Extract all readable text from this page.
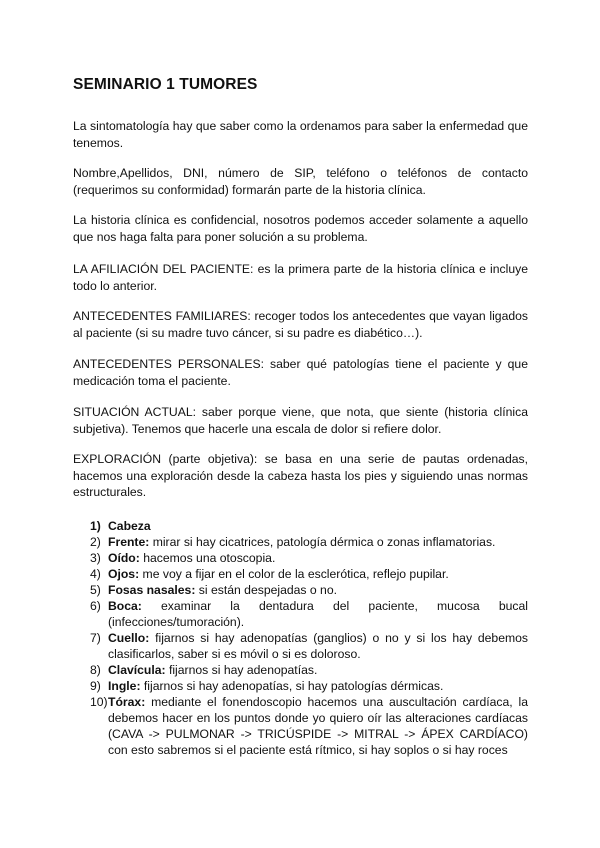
SEMINARIO 1 TUMORES

La sintomatología hay que saber como la ordenamos para saber la enfermedad que tenemos.

Nombre,Apellidos, DNI, número de SIP, teléfono o teléfonos de contacto (requerimos su conformidad) formarán parte de la historia clínica.

La historia clínica es confidencial, nosotros podemos acceder solamente a aquello que nos haga falta para poner solución a su problema.

LA AFILIACIÓN DEL PACIENTE: es la primera parte de la historia clínica e incluye todo lo anterior.

ANTECEDENTES FAMILIARES: recoger todos los antecedentes que vayan ligados al paciente (si su madre tuvo cáncer, si su padre es diabético…).

ANTECEDENTES PERSONALES: saber qué patologías tiene el paciente y que medicación toma el paciente.

SITUACIÓN ACTUAL: saber porque viene, que nota, que siente (historia clínica subjetiva). Tenemos que hacerle una escala de dolor si refiere dolor.

EXPLORACIÓN (parte objetiva): se basa en una serie de pautas ordenadas, hacemos una exploración desde la cabeza hasta los pies y siguiendo unas normas estructurales.

1) Cabeza
2) Frente: mirar si hay cicatrices, patología dérmica o zonas inflamatorias.
3) Oído: hacemos una otoscopia.
4) Ojos: me voy a fijar en el color de la esclerótica, reflejo pupilar.
5) Fosas nasales: si están despejadas o no.
6) Boca: examinar la dentadura del paciente, mucosa bucal (infecciones/tumoración).
7) Cuello: fijarnos si hay adenopatías (ganglios) o no y si los hay debemos clasificarlos, saber si es móvil o si es doloroso.
8) Clavícula: fijarnos si hay adenopatías.
9) Ingle: fijarnos si hay adenopatías, si hay patologías dérmicas.
10) Tórax: mediante el fonendoscopio hacemos una auscultación cardíaca, la debemos hacer en los puntos donde yo quiero oír las alteraciones cardíacas (CAVA -> PULMONAR -> TRICÚSPIDE -> MITRAL -> ÁPEX CARDÍACO) con esto sabremos si el paciente está rítmico, si hay soplos o si hay roces
